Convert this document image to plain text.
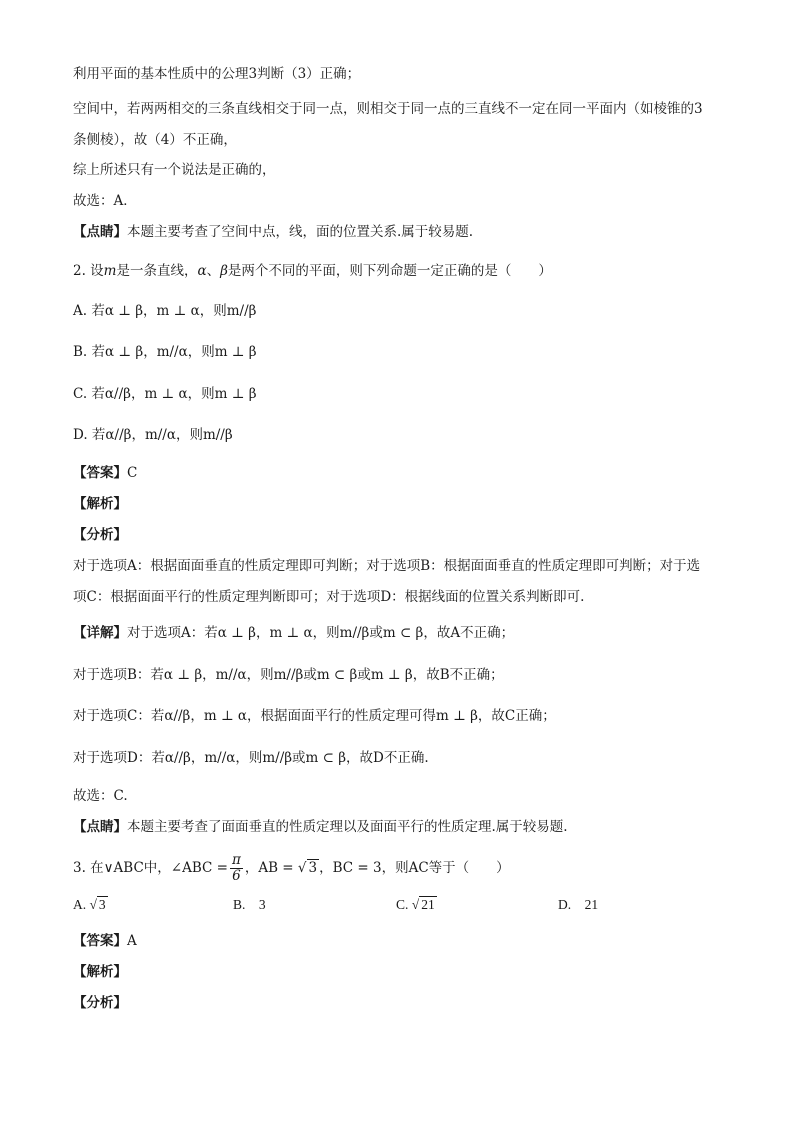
利用平面的基本性质中的公理3判断（3）正确；
空间中，若两两相交的三条直线相交于同一点，则相交于同一点的三直线不一定在同一平面内（如棱锥的3
条侧棱），故（4）不正确，
综上所述只有一个说法是正确的，
故选：A．
【点睛】本题主要考查了空间中点，线，面的位置关系.属于较易题.
2. 设m是一条直线，α、β是两个不同的平面，则下列命题一定正确的是（　　）
A. 若α ⊥ β，m ⊥ α，则m//β
B. 若α ⊥ β，m//α，则m ⊥ β
C. 若α//β，m ⊥ α，则m ⊥ β
D. 若α//β，m//α，则m//β
【答案】C
【解析】
【分析】
对于选项A：根据面面垂直的性质定理即可判断；对于选项B：根据面面垂直的性质定理即可判断；对于选
项C：根据面面平行的性质定理判断即可；对于选项D：根据线面的位置关系判断即可.
【详解】对于选项A：若α ⊥ β，m ⊥ α，则m//β或m ⊂ β，故A不正确；
对于选项B：若α ⊥ β，m//α，则m//β或m ⊂ β或m ⊥ β，故B不正确；
对于选项C：若α//β，m ⊥ α，根据面面平行的性质定理可得m ⊥ β，故C正确；
对于选项D：若α//β，m//α，则m//β或m ⊂ β，故D不正确.
故选：C.
【点睛】本题主要考查了面面垂直的性质定理以及面面平行的性质定理.属于较易题.
3. 在∨ABC中，∠ABC = $\frac{\pi}{6}$ ，AB = √ 3 ，BC = 3，则AC等于（　　）
A. √ 3	B.　3	C. √ 21	D.　21
【答案】A
【解析】
【分析】
